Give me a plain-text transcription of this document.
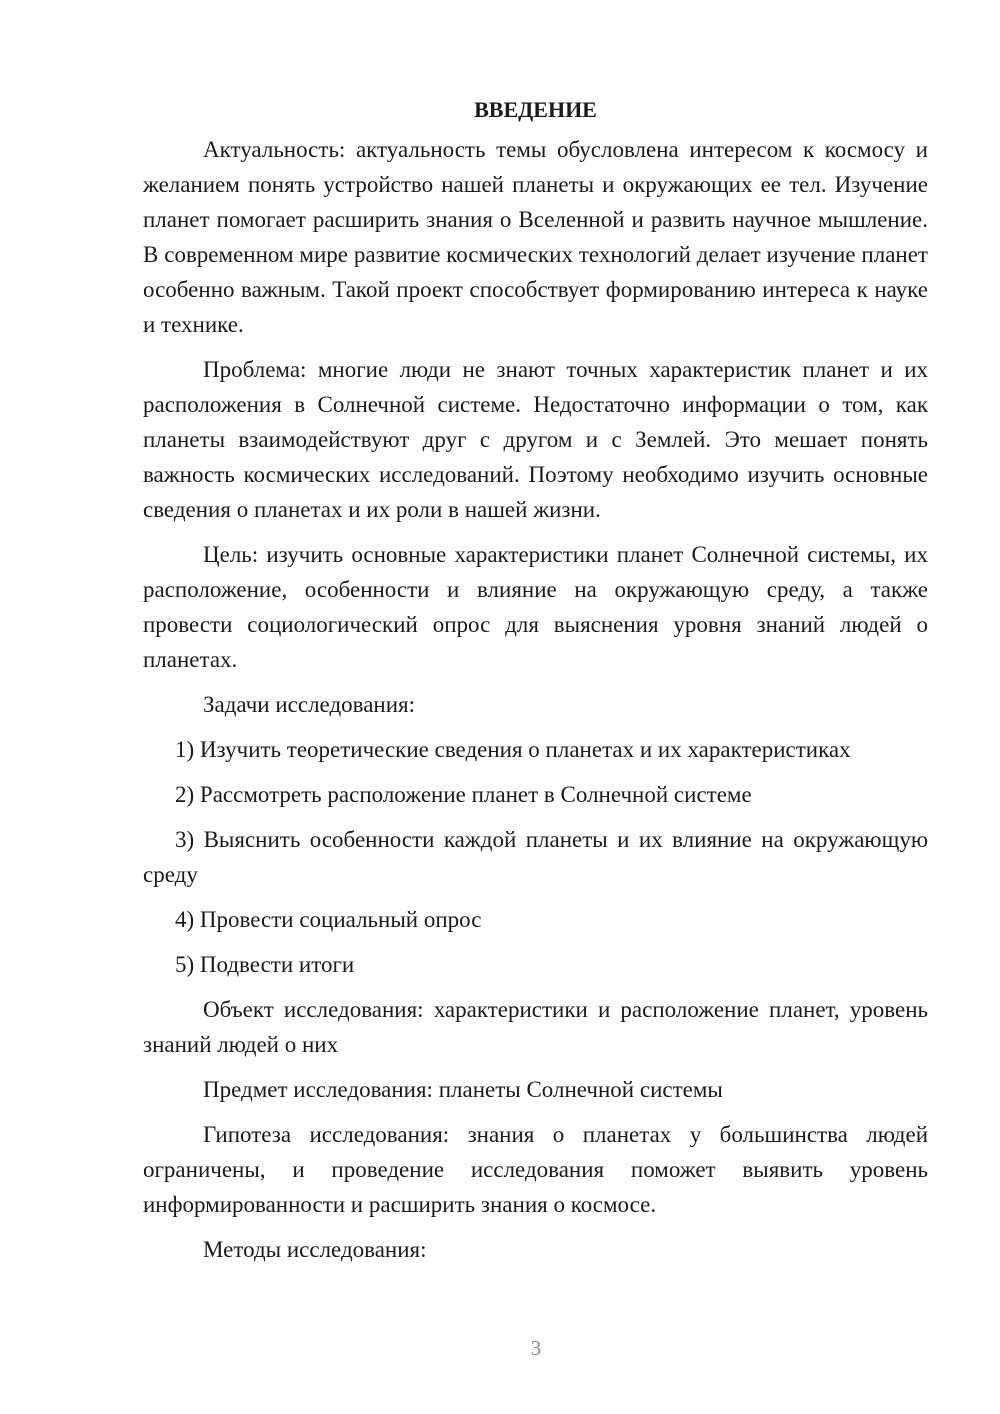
ВВЕДЕНИЕ

Актуальность: актуальность темы обусловлена интересом к космосу и желанием понять устройство нашей планеты и окружающих ее тел. Изучение планет помогает расширить знания о Вселенной и развить научное мышление. В современном мире развитие космических технологий делает изучение планет особенно важным. Такой проект способствует формированию интереса к науке и технике.

Проблема: многие люди не знают точных характеристик планет и их расположения в Солнечной системе. Недостаточно информации о том, как планеты взаимодействуют друг с другом и с Землей. Это мешает понять важность космических исследований. Поэтому необходимо изучить основные сведения о планетах и их роли в нашей жизни.

Цель: изучить основные характеристики планет Солнечной системы, их расположение, особенности и влияние на окружающую среду, а также провести социологический опрос для выяснения уровня знаний людей о планетах.

Задачи исследования:

1) Изучить теоретические сведения о планетах и их характеристиках

2) Рассмотреть расположение планет в Солнечной системе

3) Выяснить особенности каждой планеты и их влияние на окружающую среду

4) Провести социальный опрос

5) Подвести итоги

Объект исследования: характеристики и расположение планет, уровень знаний людей о них

Предмет исследования: планеты Солнечной системы

Гипотеза исследования: знания о планетах у большинства людей ограничены, и проведение исследования поможет выявить уровень информированности и расширить знания о космосе.

Методы исследования:

3
